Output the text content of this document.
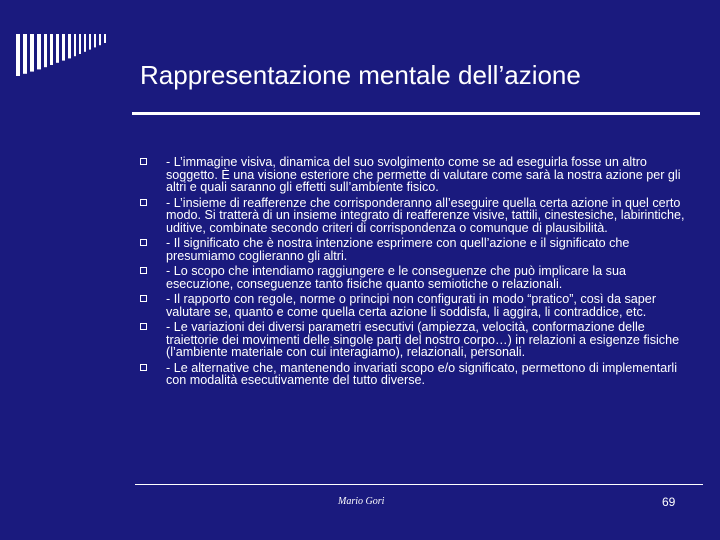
Rappresentazione mentale dell’azione
- L’immagine visiva, dinamica del suo svolgimento come se ad eseguirla fosse un altro soggetto. È una visione esteriore che permette di valutare come sarà la nostra azione per gli altri e quali saranno gli effetti sull’ambiente fisico.
- L’insieme di reafferenze che corrisponderanno all’eseguire quella certa azione in quel certo modo. Si tratterà di un insieme integrato di reafferenze visive, tattili, cinestesiche, labirintiche, uditive, combinate secondo criteri di corrispondenza o comunque di plausibilità.
- Il significato che è nostra intenzione esprimere con quell’azione e il significato che presumiamo coglieranno gli altri.
- Lo scopo che intendiamo raggiungere e le conseguenze che può implicare la sua esecuzione, conseguenze tanto fisiche quanto semiotiche o relazionali.
- Il rapporto con regole, norme o principi non configurati in modo “pratico”, così da saper valutare se, quanto e come quella certa azione li soddisfa, li aggira, li contraddice, etc.
- Le variazioni dei diversi parametri esecutivi (ampiezza, velocità, conformazione delle traiettorie dei movimenti delle singole parti del nostro corpo…) in relazioni a esigenze fisiche (l’ambiente materiale con cui interagiamo), relazionali, personali.
- Le alternative che, mantenendo invariati scopo e/o significato, permettono di implementarli con modalità esecutivamente del tutto diverse.
Mario Gori	69
